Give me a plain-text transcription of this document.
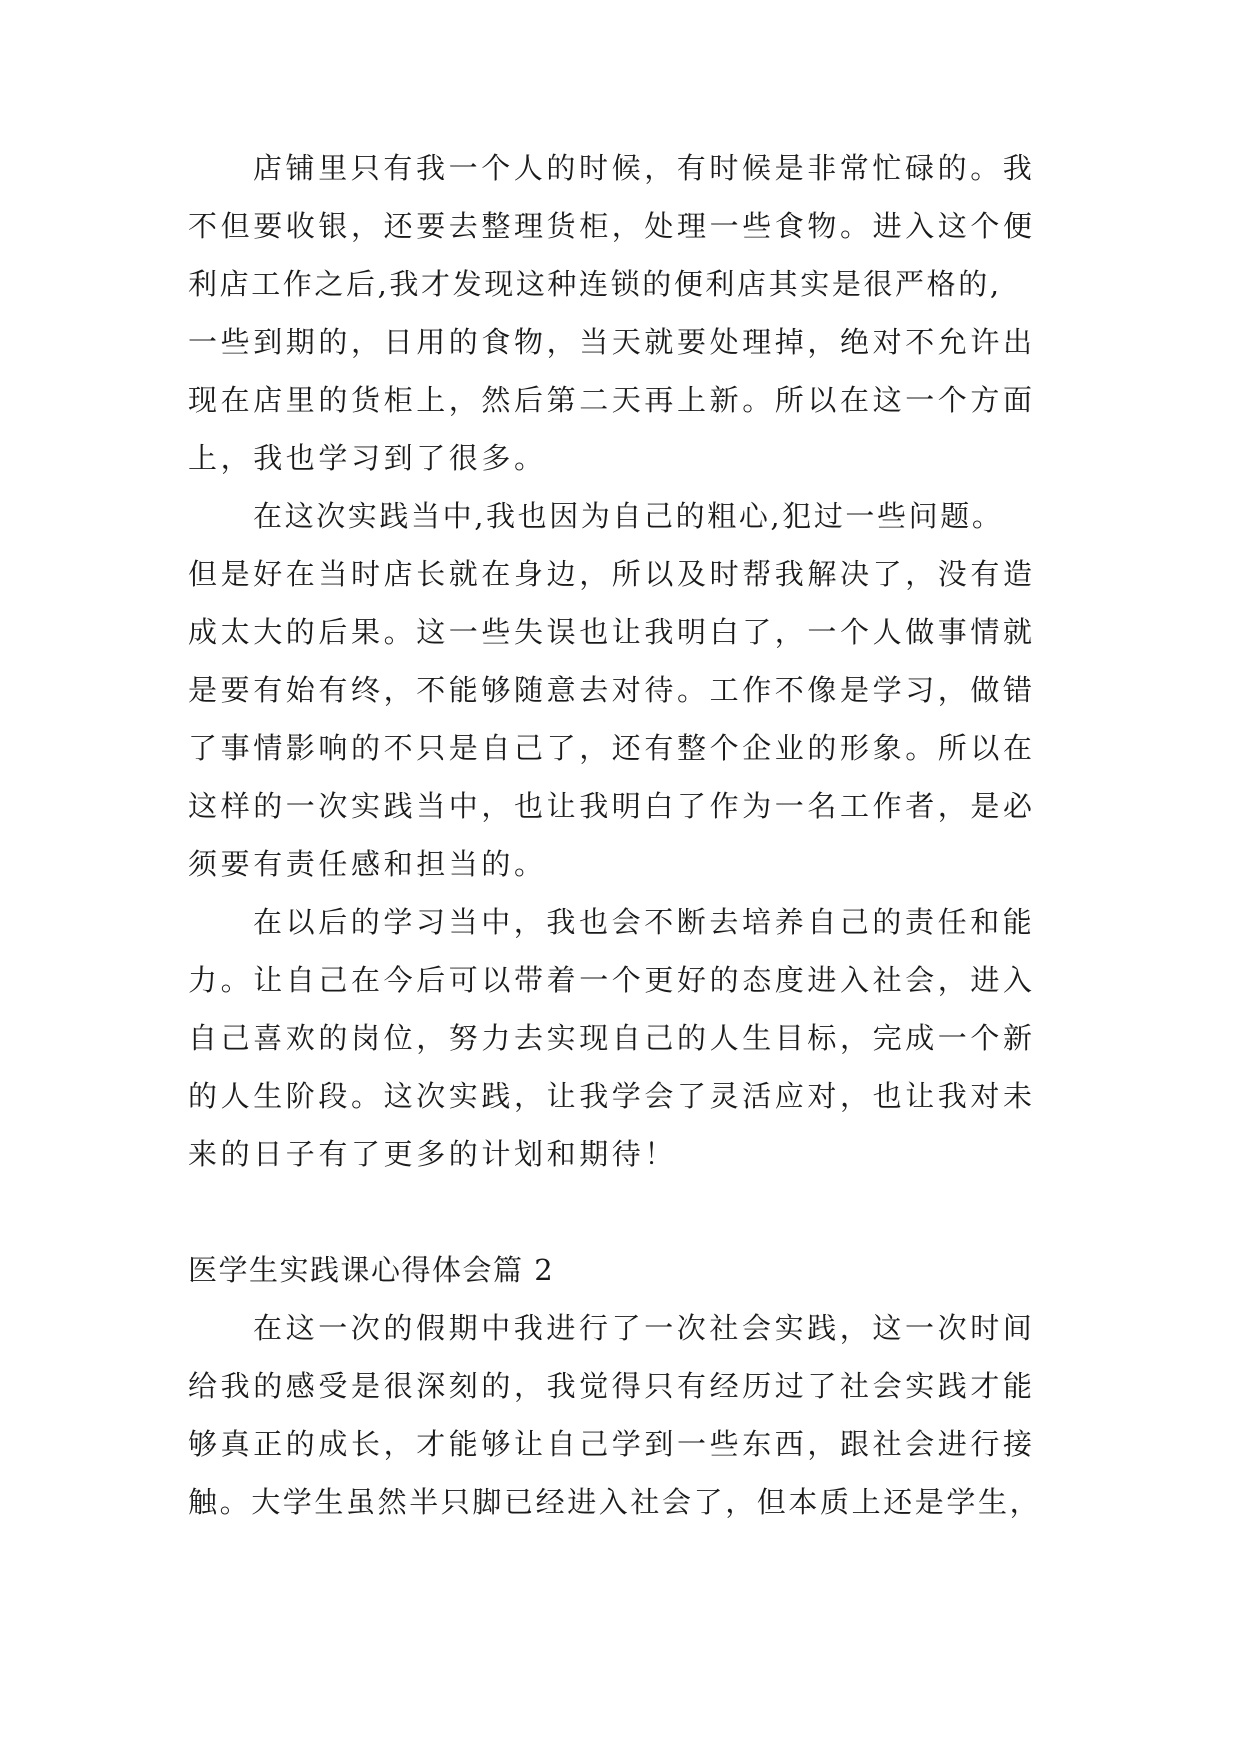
店铺里只有我一个人的时候，有时候是非常忙碌的。我
不但要收银，还要去整理货柜，处理一些食物。进入这个便
利店工作之后,我才发现这种连锁的便利店其实是很严格的,
一些到期的，日用的食物，当天就要处理掉，绝对不允许出
现在店里的货柜上，然后第二天再上新。所以在这一个方面
上，我也学习到了很多。
在这次实践当中,我也因为自己的粗心,犯过一些问题。
但是好在当时店长就在身边，所以及时帮我解决了，没有造
成太大的后果。这一些失误也让我明白了，一个人做事情就
是要有始有终，不能够随意去对待。工作不像是学习，做错
了事情影响的不只是自己了，还有整个企业的形象。所以在
这样的一次实践当中，也让我明白了作为一名工作者，是必
须要有责任感和担当的。
在以后的学习当中，我也会不断去培养自己的责任和能
力。让自己在今后可以带着一个更好的态度进入社会，进入
自己喜欢的岗位，努力去实现自己的人生目标，完成一个新
的人生阶段。这次实践，让我学会了灵活应对，也让我对未
来的日子有了更多的计划和期待！
医学生实践课心得体会篇 2
在这一次的假期中我进行了一次社会实践，这一次时间
给我的感受是很深刻的，我觉得只有经历过了社会实践才能
够真正的成长，才能够让自己学到一些东西，跟社会进行接
触。大学生虽然半只脚已经进入社会了，但本质上还是学生，
